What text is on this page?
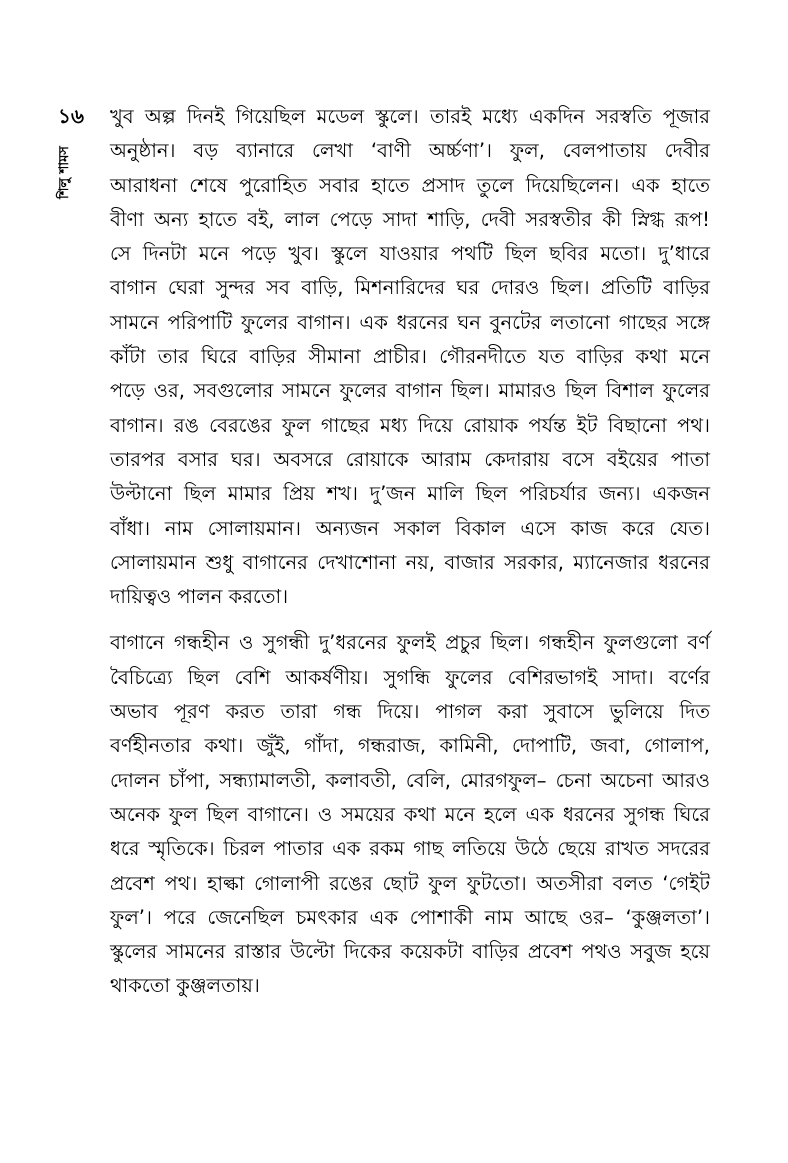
১৬
শিলু শামস
খুব অল্প দিনই গিয়েছিল মডেল স্কুলে। তারই মধ্যে একদিন সরস্বতি পূজার
অনুষ্ঠান। বড় ব্যানারে লেখা ‘বাণী অর্চ্চণা’। ফুল, বেলপাতায় দেবীর
আরাধনা শেষে পুরোহিত সবার হাতে প্রসাদ তুলে দিয়েছিলেন। এক হাতে
বীণা অন্য হাতে বই, লাল পেড়ে সাদা শাড়ি, দেবী সরস্বতীর কী স্নিগ্ধ রূপ!
সে দিনটা মনে পড়ে খুব। স্কুলে যাওয়ার পথটি ছিল ছবির মতো। দু’ধারে
বাগান ঘেরা সুন্দর সব বাড়ি, মিশনারিদের ঘর দোরও ছিল। প্রতিটি বাড়ির
সামনে পরিপাটি ফুলের বাগান। এক ধরনের ঘন বুনটের লতানো গাছের সঙ্গে
কাঁটা তার ঘিরে বাড়ির সীমানা প্রাচীর। গৌরনদীতে যত বাড়ির কথা মনে
পড়ে ওর, সবগুলোর সামনে ফুলের বাগান ছিল। মামারও ছিল বিশাল ফুলের
বাগান। রঙ বেরঙের ফুল গাছের মধ্য দিয়ে রোয়াক পর্যন্ত ইট বিছানো পথ।
তারপর বসার ঘর। অবসরে রোয়াকে আরাম কেদারায় বসে বইয়ের পাতা
উল্টানো ছিল মামার প্রিয় শখ। দু’জন মালি ছিল পরিচর্যার জন্য। একজন
বাঁধা। নাম সোলায়মান। অন্যজন সকাল বিকাল এসে কাজ করে যেত।
সোলায়মান শুধু বাগানের দেখাশোনা নয়, বাজার সরকার, ম্যানেজার ধরনের
দায়িত্বও পালন করতো।
বাগানে গন্ধহীন ও সুগন্ধী দু’ধরনের ফুলই প্রচুর ছিল। গন্ধহীন ফুলগুলো বর্ণ
বৈচিত্র্যে ছিল বেশি আকর্ষণীয়। সুগন্ধি ফুলের বেশিরভাগই সাদা। বর্ণের
অভাব পূরণ করত তারা গন্ধ দিয়ে। পাগল করা সুবাসে ভুলিয়ে দিত
বর্ণহীনতার কথা। জুঁই, গাঁদা, গন্ধরাজ, কামিনী, দোপাটি, জবা, গোলাপ,
দোলন চাঁপা, সন্ধ্যামালতী, কলাবতী, বেলি, মোরগফুল– চেনা অচেনা আরও
অনেক ফুল ছিল বাগানে। ও সময়ের কথা মনে হলে এক ধরনের সুগন্ধ ঘিরে
ধরে স্মৃতিকে। চিরল পাতার এক রকম গাছ লতিয়ে উঠে ছেয়ে রাখত সদরের
প্রবেশ পথ। হাল্কা গোলাপী রঙের ছোট ফুল ফুটতো। অতসীরা বলত ‘গেইট
ফুল’। পরে জেনেছিল চমৎকার এক পোশাকী নাম আছে ওর– ‘কুঞ্জলতা’।
স্কুলের সামনের রাস্তার উল্টো দিকের কয়েকটা বাড়ির প্রবেশ পথও সবুজ হয়ে
থাকতো কুঞ্জলতায়।
